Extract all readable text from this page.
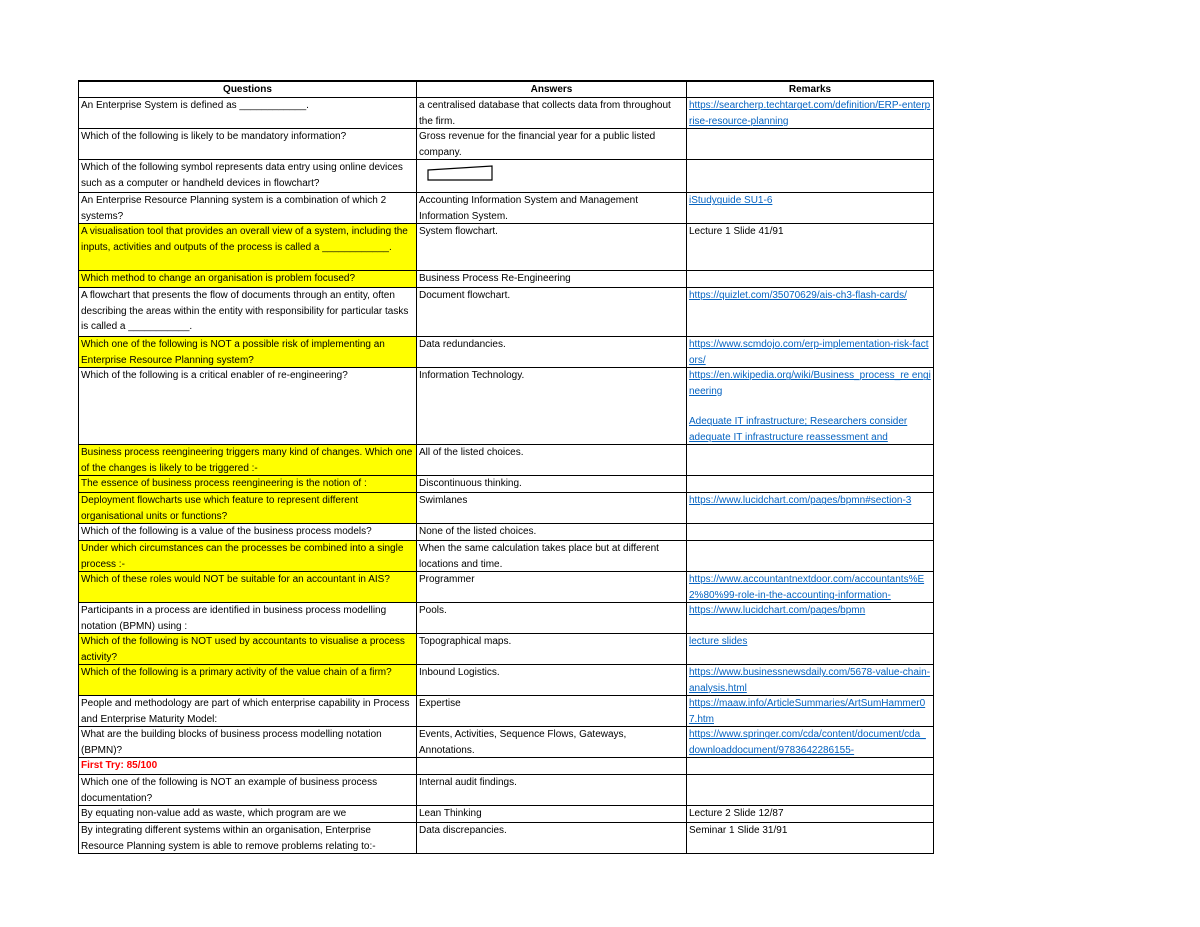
Questions	Answers	Remarks

An Enterprise System is defined as ____________.	a centralised database that collects data from throughout the firm.	https://searcherp.techtarget.com/definition/ERP-enterprise-resource-planning

Which of the following is likely to be mandatory information?	Gross revenue for the financial year for a public listed company.	

Which of the following symbol represents data entry using online devices such as a computer or handheld devices in flowchart?

An Enterprise Resource Planning system is a combination of which 2 systems?	Accounting Information System and Management Information System.	iStudyguide SU1-6

A visualisation tool that provides an overall view of a system, including the inputs, activities and outputs of the process is called a ____________.	System flowchart.	Lecture 1 Slide 41/91

Which method to change an organisation is problem focused?	Business Process Re-Engineering	

A flowchart that presents the flow of documents through an entity, often describing the areas within the entity with responsibility for particular tasks is called a ___________.	Document flowchart.	https://quizlet.com/35070629/ais-ch3-flash-cards/

Which one of the following is NOT a possible risk of implementing an Enterprise Resource Planning system?	Data redundancies.	https://www.scmdojo.com/erp-implementation-risk-factors/

Which of the following is a critical enabler of re-engineering?	Information Technology.	https://en.wikipedia.org/wiki/Business_process_re engineering
Adequate IT infrastructure; Researchers consider adequate IT infrastructure reassessment and

Business process reengineering triggers many kind of changes. Which one of the changes is likely to be triggered :-	All of the listed choices.	

The essence of business process reengineering is the notion of :	Discontinuous thinking.	

Deployment flowcharts use which feature to represent different organisational units or functions?	Swimlanes	https://www.lucidchart.com/pages/bpmn#section-3

Which of the following is a value of the business process models?	None of the listed choices.	

Under which circumstances can the processes be combined into a single process :-	When the same calculation takes place but at different locations and time.	

Which of these roles would NOT be suitable for an accountant in AIS?	Programmer	https://www.accountantnextdoor.com/accountants%E2%80%99-role-in-the-accounting-information-

Participants in a process are identified in business process modelling notation (BPMN) using :	Pools.	https://www.lucidchart.com/pages/bpmn

Which of the following is NOT used by accountants to visualise a process activity?	Topographical maps.	lecture slides

Which of the following is a primary activity of the value chain of a firm?	Inbound Logistics.	https://www.businessnewsdaily.com/5678-value-chain-analysis.html

People and methodology are part of which enterprise capability in Process and Enterprise Maturity Model:	Expertise	https://maaw.info/ArticleSummaries/ArtSumHammer07.htm

What are the building blocks of business process modelling notation (BPMN)?	Events, Activities, Sequence Flows, Gateways, Annotations.	https://www.springer.com/cda/content/document/cda_downloaddocument/9783642286155-

First Try: 85/100		

Which one of the following is NOT an example of business process documentation?	Internal audit findings.	

By equating non-value add as waste, which program are we	Lean Thinking	Lecture 2 Slide 12/87

By integrating different systems within an organisation, Enterprise Resource Planning system is able to remove problems relating to:-	Data discrepancies.	Seminar 1 Slide 31/91
